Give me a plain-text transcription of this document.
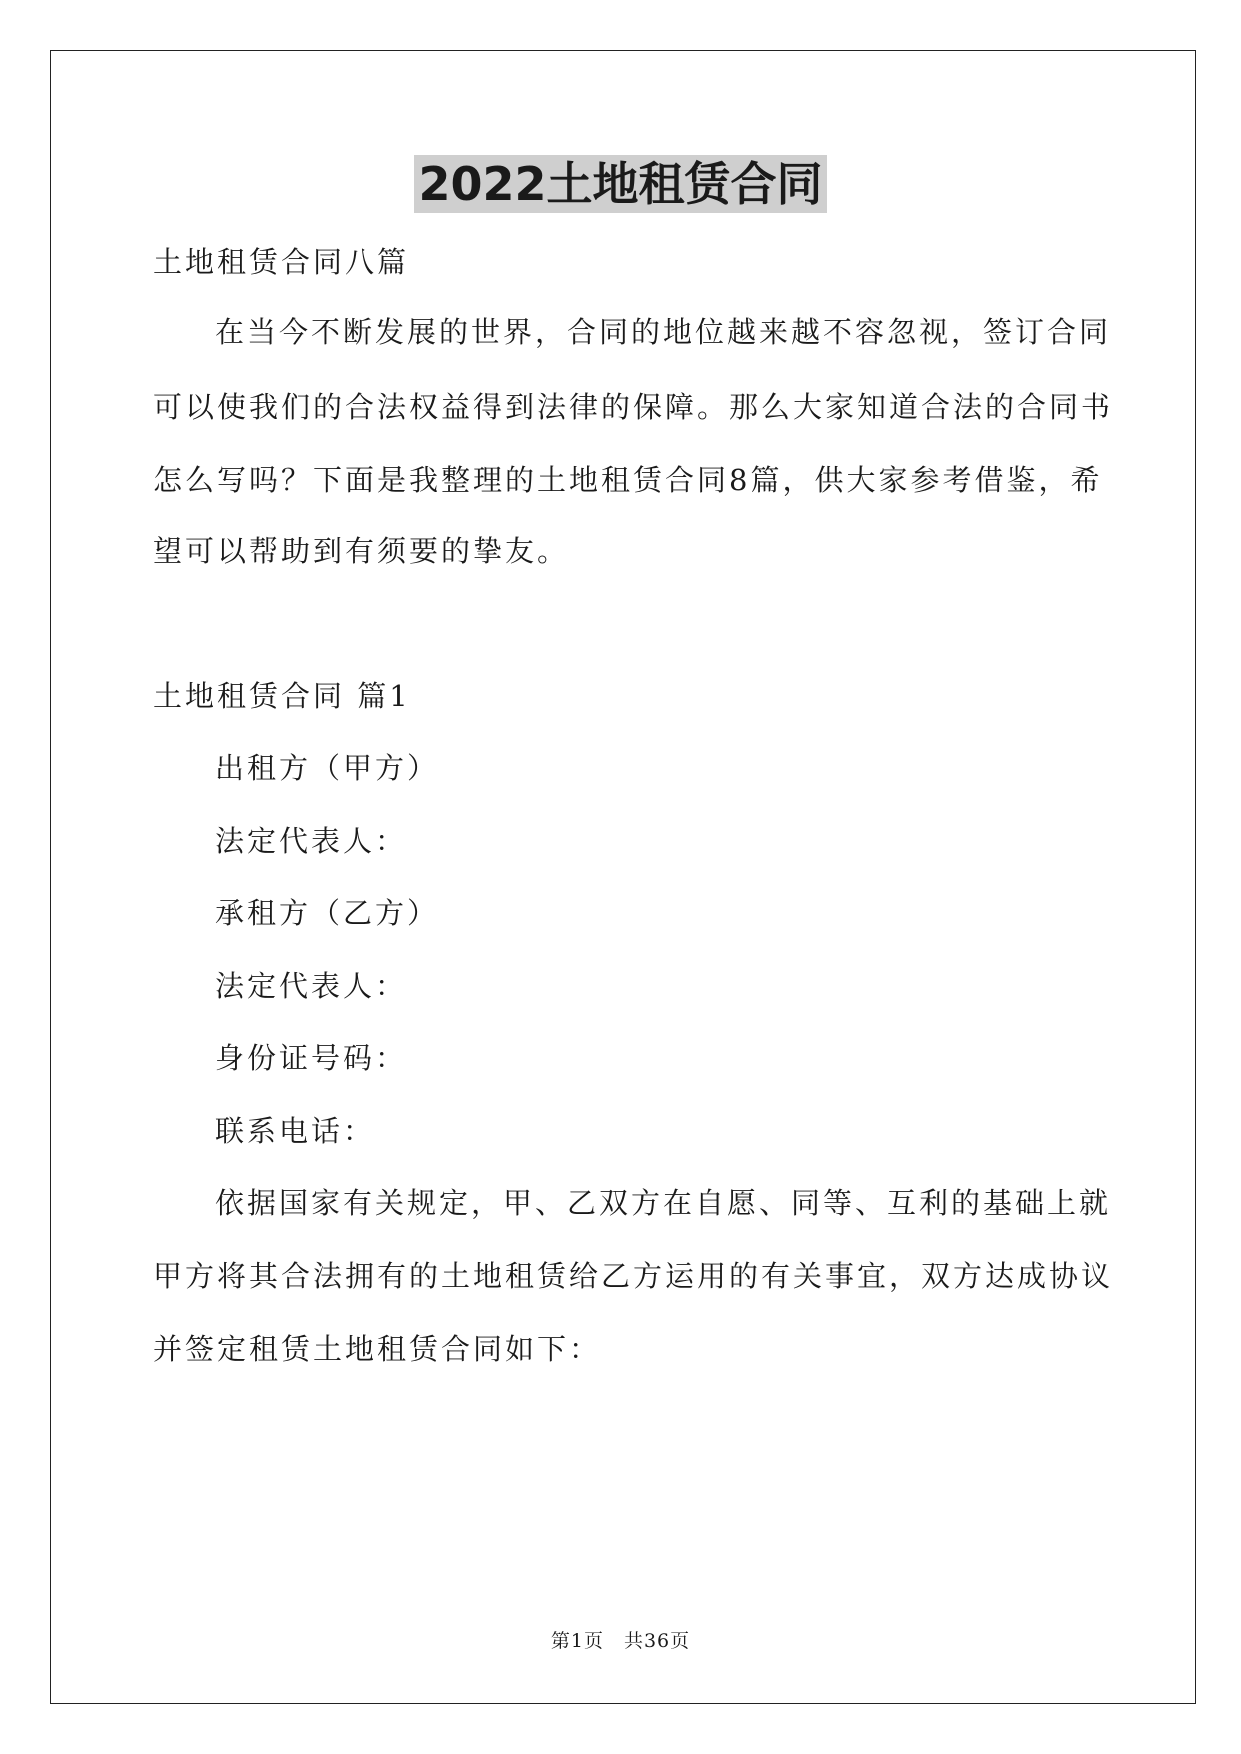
2022土地租赁合同
土地租赁合同八篇
在当今不断发展的世界，合同的地位越来越不容忽视，签订合同
可以使我们的合法权益得到法律的保障。那么大家知道合法的合同书
怎么写吗？下面是我整理的土地租赁合同8篇，供大家参考借鉴，希
望可以帮助到有须要的挚友。
土地租赁合同 篇1
出租方（甲方）
法定代表人：
承租方（乙方）
法定代表人：
身份证号码：
联系电话：
依据国家有关规定，甲、乙双方在自愿、同等、互利的基础上就
甲方将其合法拥有的土地租赁给乙方运用的有关事宜，双方达成协议
并签定租赁土地租赁合同如下：
第1页　共36页
